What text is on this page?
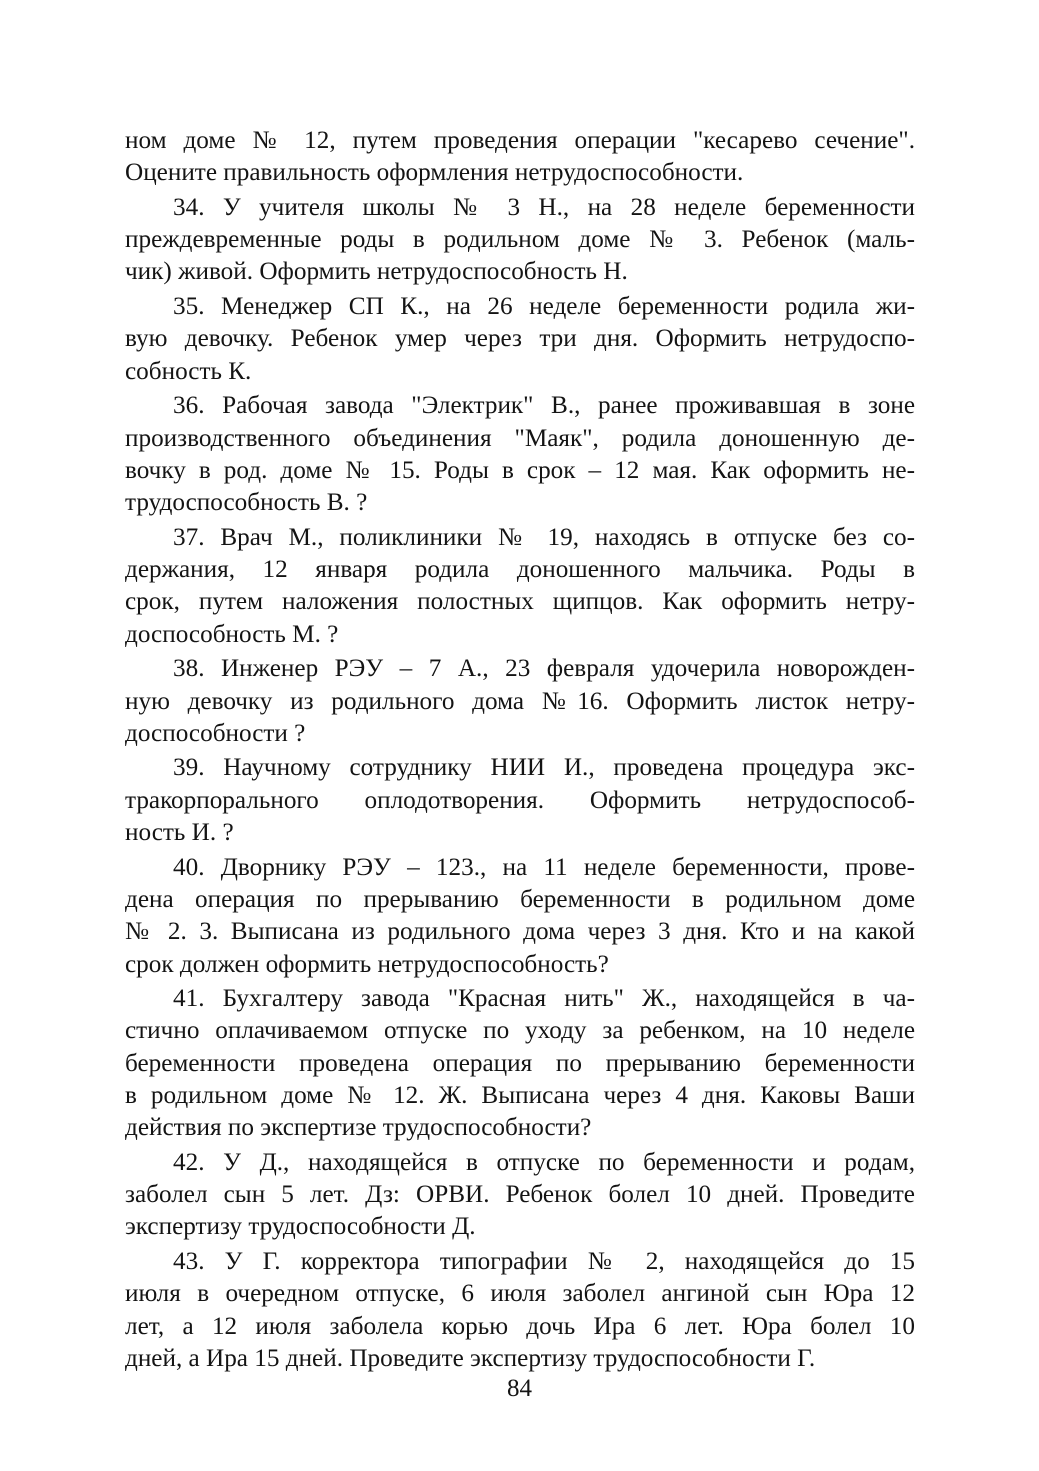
ном доме № 12, путем проведения операции "кесарево сечение".
Оцените правильность оформления нетрудоспособности.
34. У учителя школы № 3 Н., на 28 неделе беременности
преждевременные роды в родильном доме № 3. Ребенок (маль-
чик) живой. Оформить нетрудоспособность Н.
35. Менеджер СП К., на 26 неделе беременности родила жи-
вую девочку. Ребенок умер через три дня. Оформить нетрудоспо-
собность К.
36. Рабочая завода "Электрик" В., ранее проживавшая в зоне
производственного объединения "Маяк", родила доношенную де-
вочку в род. доме № 15. Роды в срок – 12 мая. Как оформить не-
трудоспособность В. ?
37. Врач М., поликлиники № 19, находясь в отпуске без со-
держания, 12 января родила доношенного мальчика. Роды в
срок, путем наложения полостных щипцов. Как оформить нетру-
доспособность М. ?
38. Инженер РЭУ – 7 А., 23 февраля удочерила новорожден-
ную девочку из родильного дома №16. Оформить листок нетру-
доспособности ?
39. Научному сотруднику НИИ И., проведена процедура экс-
тракорпорального оплодотворения. Оформить нетрудоспособ-
ность И. ?
40. Дворнику РЭУ – 123., на 11 неделе беременности, прове-
дена операция по прерыванию беременности в родильном доме
№ 2. 3. Выписана из родильного дома через 3 дня. Кто и на какой
срок должен оформить нетрудоспособность?
41. Бухгалтеру завода "Красная нить" Ж., находящейся в ча-
стично оплачиваемом отпуске по уходу за ребенком, на 10 неделе
беременности проведена операция по прерыванию беременности
в родильном доме № 12. Ж. Выписана через 4 дня. Каковы Ваши
действия по экспертизе трудоспособности?
42. У Д., находящейся в отпуске по беременности и родам,
заболел сын 5 лет. Дз: ОРВИ. Ребенок болел 10 дней. Проведите
экспертизу трудоспособности Д.
43. У Г. корректора типографии № 2, находящейся до 15
июля в очередном отпуске, 6 июля заболел ангиной сын Юра 12
лет, а 12 июля заболела корью дочь Ира 6 лет. Юра болел 10
дней, а Ира 15 дней. Проведите экспертизу трудоспособности Г.
84
